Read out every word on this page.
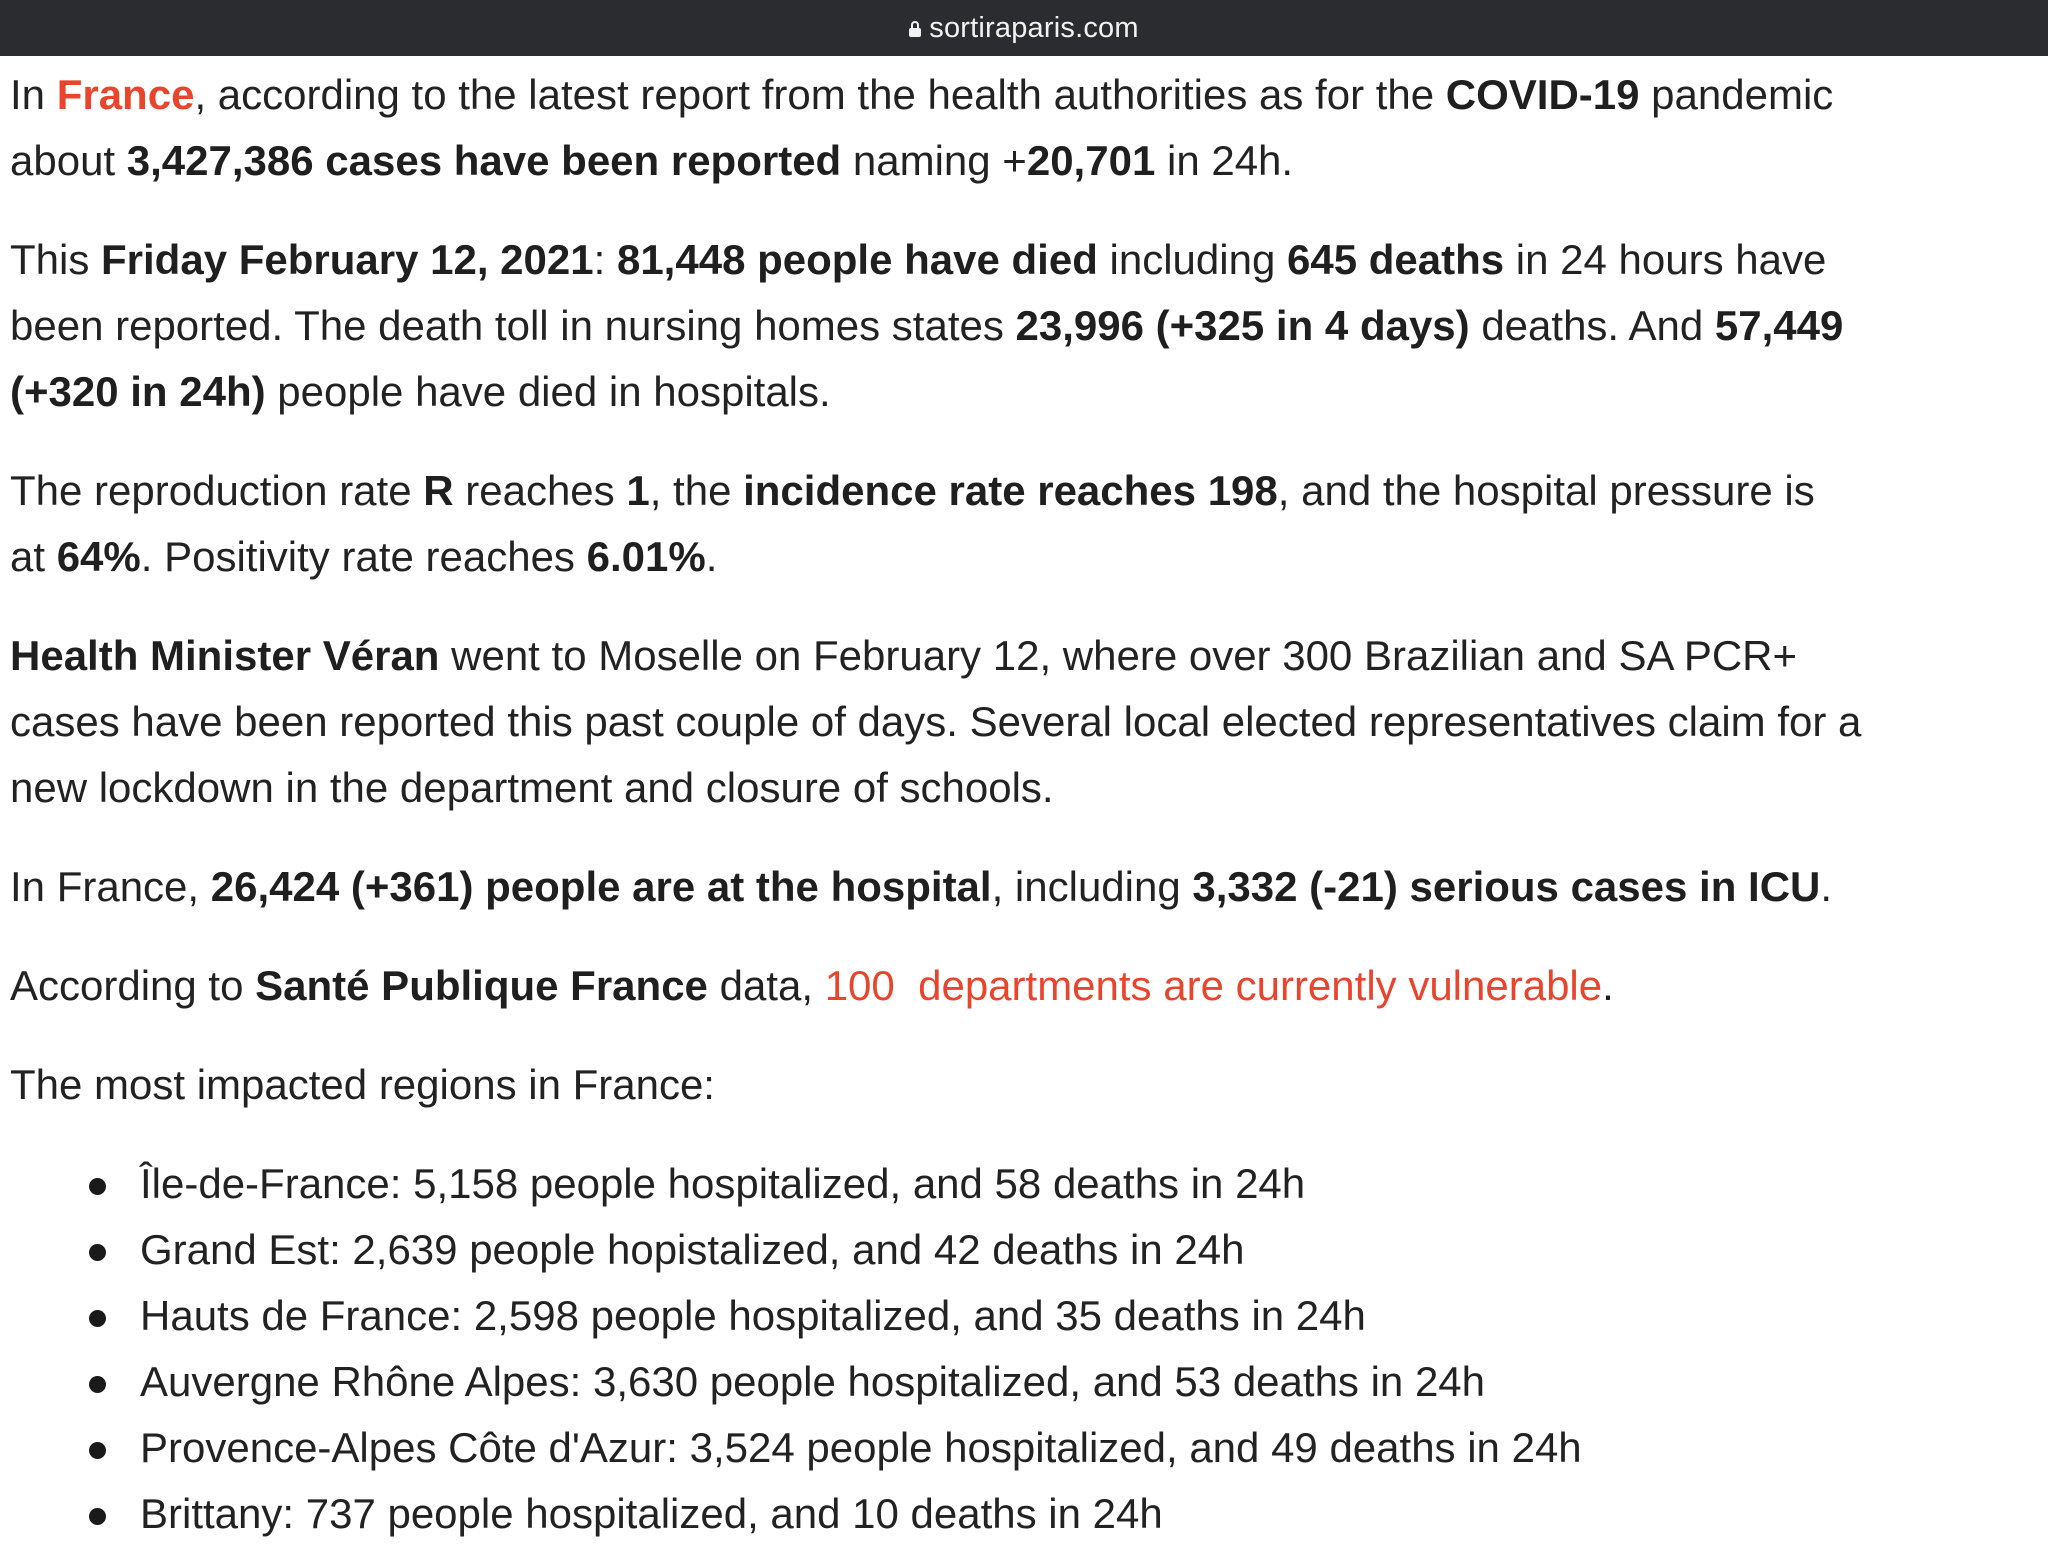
sortiraparis.com

In France, according to the latest report from the health authorities as for the COVID-19 pandemic
about 3,427,386 cases have been reported naming +20,701 in 24h.

This Friday February 12, 2021: 81,448 people have died including 645 deaths in 24 hours have
been reported. The death toll in nursing homes states 23,996 (+325 in 4 days) deaths. And 57,449
(+320 in 24h) people have died in hospitals.

The reproduction rate R reaches 1, the incidence rate reaches 198, and the hospital pressure is
at 64%. Positivity rate reaches 6.01%.

Health Minister Véran went to Moselle on February 12, where over 300 Brazilian and SA PCR+
cases have been reported this past couple of days. Several local elected representatives claim for a
new lockdown in the department and closure of schools.

In France, 26,424 (+361) people are at the hospital, including 3,332 (-21) serious cases in ICU.

According to Santé Publique France data, 100  departments are currently vulnerable.

The most impacted regions in France:

Île-de-France: 5,158 people hospitalized, and 58 deaths in 24h
Grand Est: 2,639 people hopistalized, and 42 deaths in 24h
Hauts de France: 2,598 people hospitalized, and 35 deaths in 24h
Auvergne Rhône Alpes: 3,630 people hospitalized, and 53 deaths in 24h
Provence-Alpes Côte d'Azur: 3,524 people hospitalized, and 49 deaths in 24h
Brittany: 737 people hospitalized, and 10 deaths in 24h
